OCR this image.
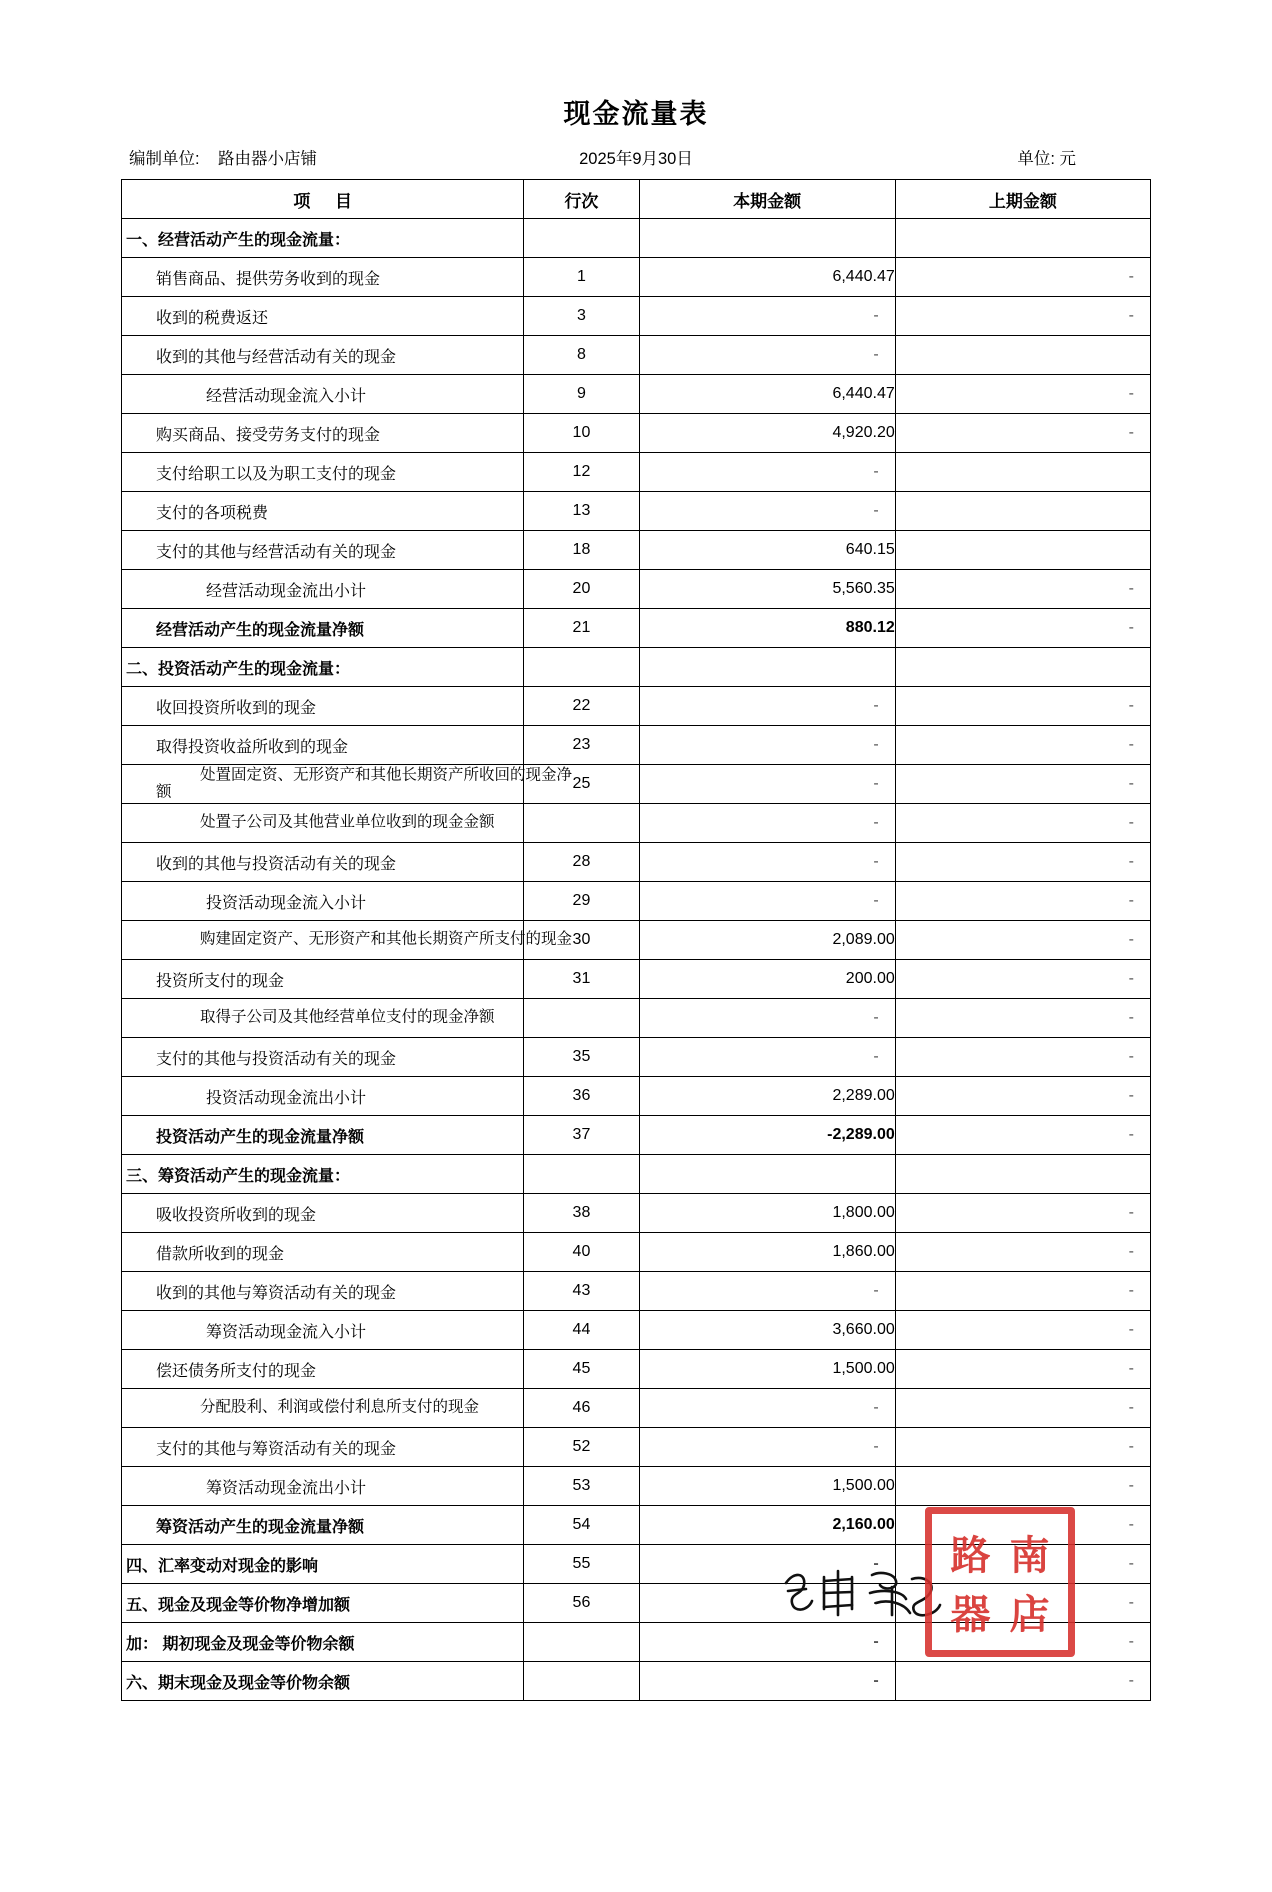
现金流量表
编制单位: 路由器小店铺	2025年9月30日	单位: 元
项 目	行次	本期金额	上期金额
一、经营活动产生的现金流量：			
销售商品、提供劳务收到的现金	1	6,440.47	-
收到的税费返还	3	-	-
收到的其他与经营活动有关的现金	8	-	
经营活动现金流入小计	9	6,440.47	-
购买商品、接受劳务支付的现金	10	4,920.20	-
支付给职工以及为职工支付的现金	12	-	
支付的各项税费	13	-	
支付的其他与经营活动有关的现金	18	640.15	
经营活动现金流出小计	20	5,560.35	-
经营活动产生的现金流量净额	21	880.12	-
二、投资活动产生的现金流量：			
收回投资所收到的现金	22	-	-
取得投资收益所收到的现金	23	-	-

处置固定资、无形资产和其他长期资产所收回的现金净额	25	-	-

处置子公司及其他营业单位收到的现金金额		-	-
收到的其他与投资活动有关的现金	28	-	-
投资活动现金流入小计	29	-	-

购建固定资产、无形资产和其他长期资产所支付的现金	30	2,089.00	-
投资所支付的现金	31	200.00	-

取得子公司及其他经营单位支付的现金净额		-	-
支付的其他与投资活动有关的现金	35	-	-
投资活动现金流出小计	36	2,289.00	-
投资活动产生的现金流量净额	37	-2,289.00	-
三、筹资活动产生的现金流量：			
吸收投资所收到的现金	38	1,800.00	-
借款所收到的现金	40	1,860.00	-
收到的其他与筹资活动有关的现金	43	-	-
筹资活动现金流入小计	44	3,660.00	-
偿还债务所支付的现金	45	1,500.00	-

分配股利、利润或偿付利息所支付的现金	46	-	-
支付的其他与筹资活动有关的现金	52	-	-
筹资活动现金流出小计	53	1,500.00	-
筹资活动产生的现金流量净额	54	2,160.00	-
四、汇率变动对现金的影响	55	-	-
五、现金及现金等价物净增加额	56	-	-
加： 期初现金及现金等价物余额		-	-
六、期末现金及现金等价物余额		-	-
南
路
店
器
